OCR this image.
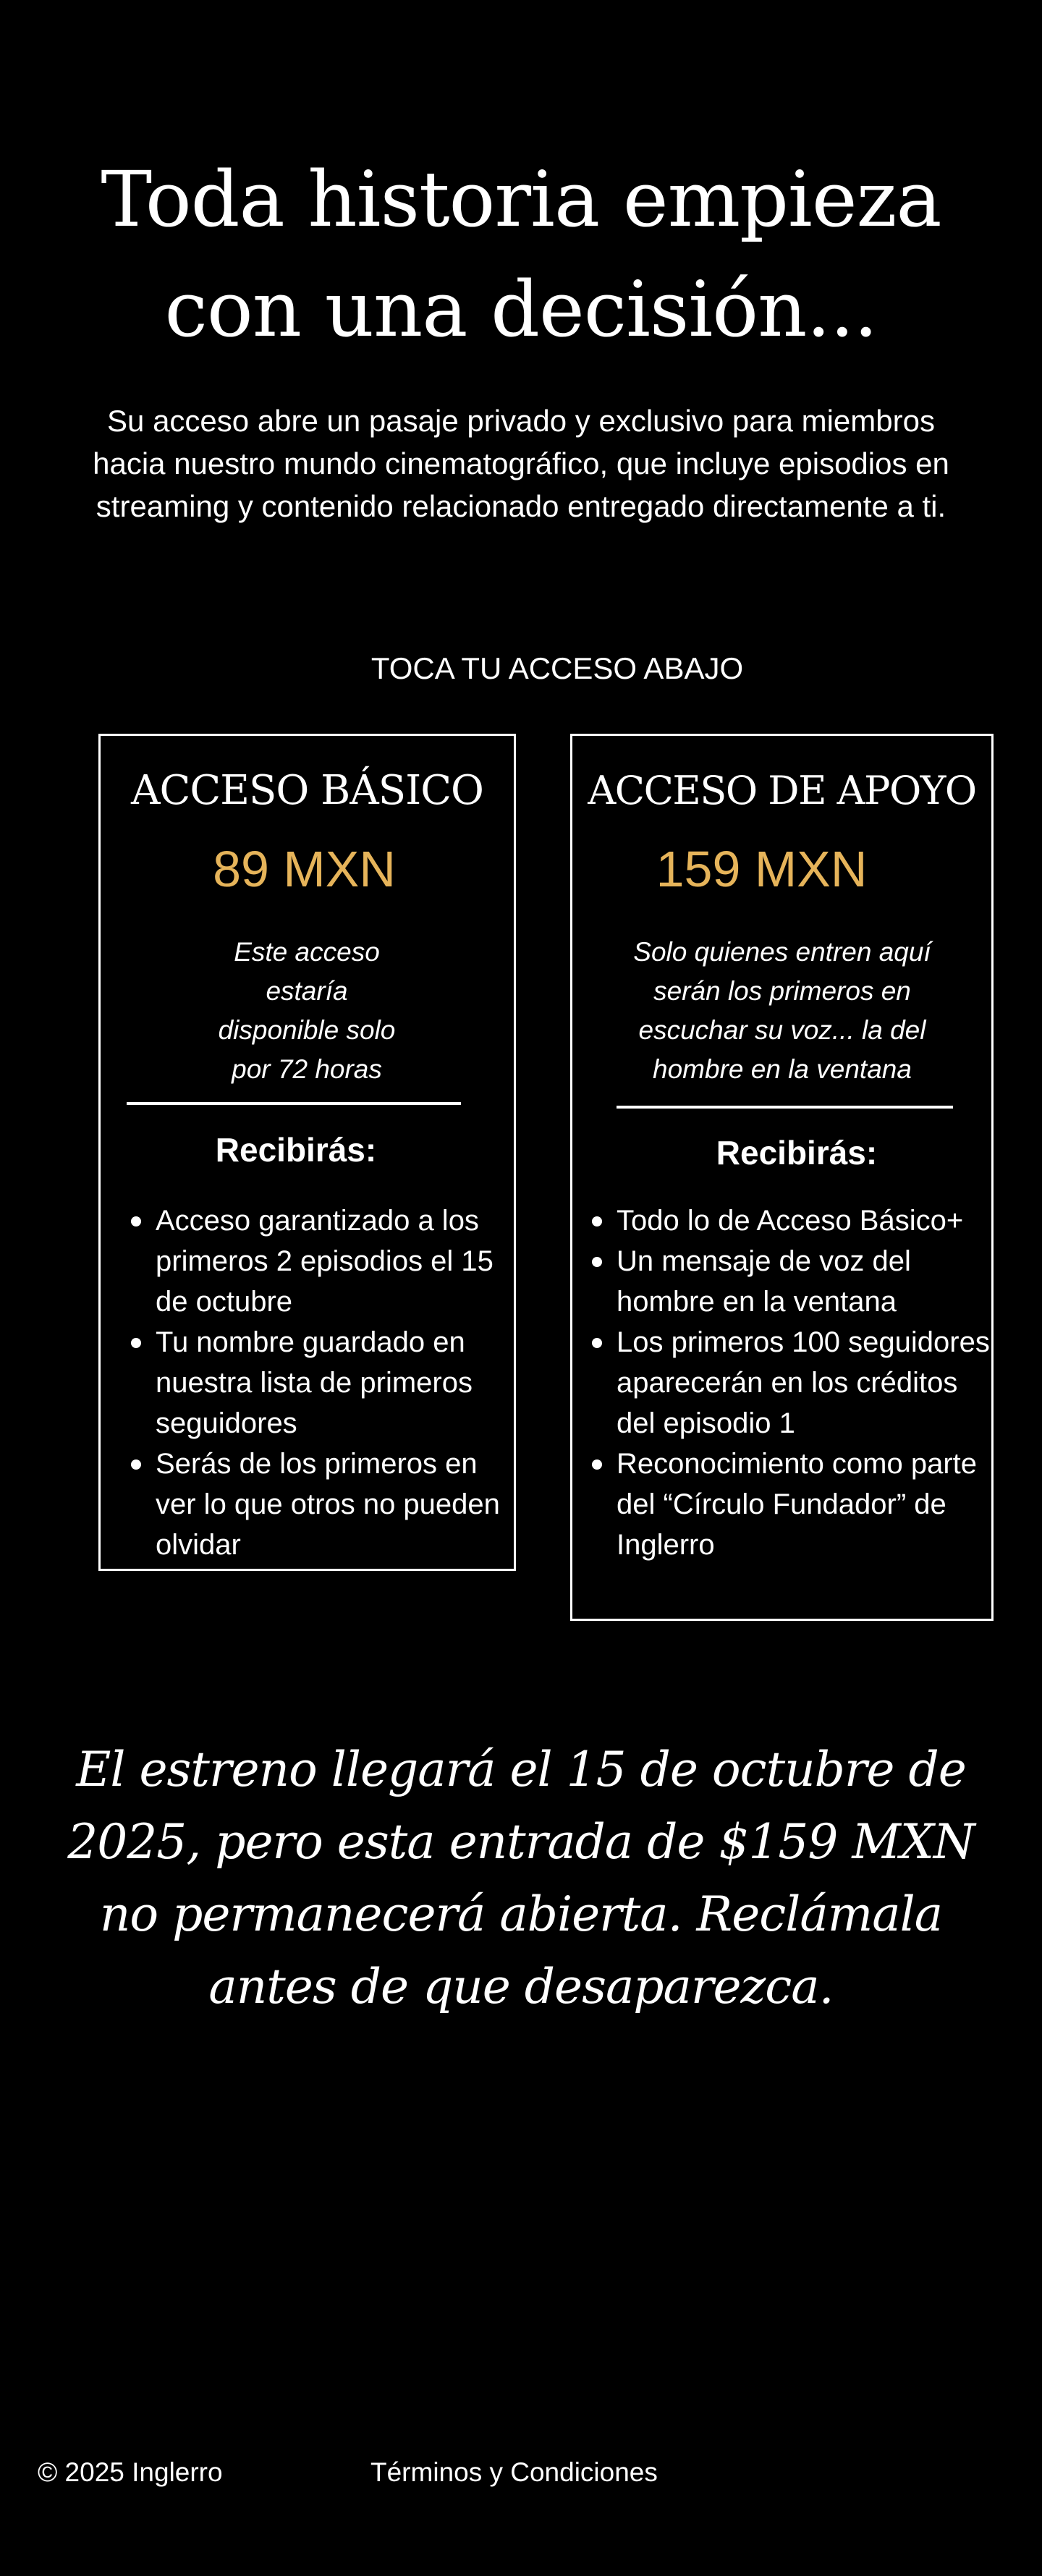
Toda historia empieza
con una decisión...

Su acceso abre un pasaje privado y exclusivo para miembros hacia nuestro mundo cinematográfico, que incluye episodios en streaming y contenido relacionado entregado directamente a ti.

TOCA TU ACCESO ABAJO
ACCESO BÁSICO
89 MXN
Este acceso estaría disponible solo por 72 horas
Recibirás:
Acceso garantizado a los primeros 2 episodios el 15 de octubre
Tu nombre guardado en nuestra lista de primeros seguidores
Serás de los primeros en ver lo que otros no pueden olvidar
ACCESO DE APOYO
159 MXN
Solo quienes entren aquí serán los primeros en escuchar su voz... la del hombre en la ventana
Recibirás:
Todo lo de Acceso Básico+
Un mensaje de voz del hombre en la ventana
Los primeros 100 seguidores aparecerán en los créditos del episodio 1
Reconocimiento como parte del “Círculo Fundador” de Inglerro

El estreno llegará el 15 de octubre de 2025, pero esta entrada de $159 MXN no permanecerá abierta. Reclámala antes de que desaparezca.

© 2025 Inglerro	Términos y Condiciones
